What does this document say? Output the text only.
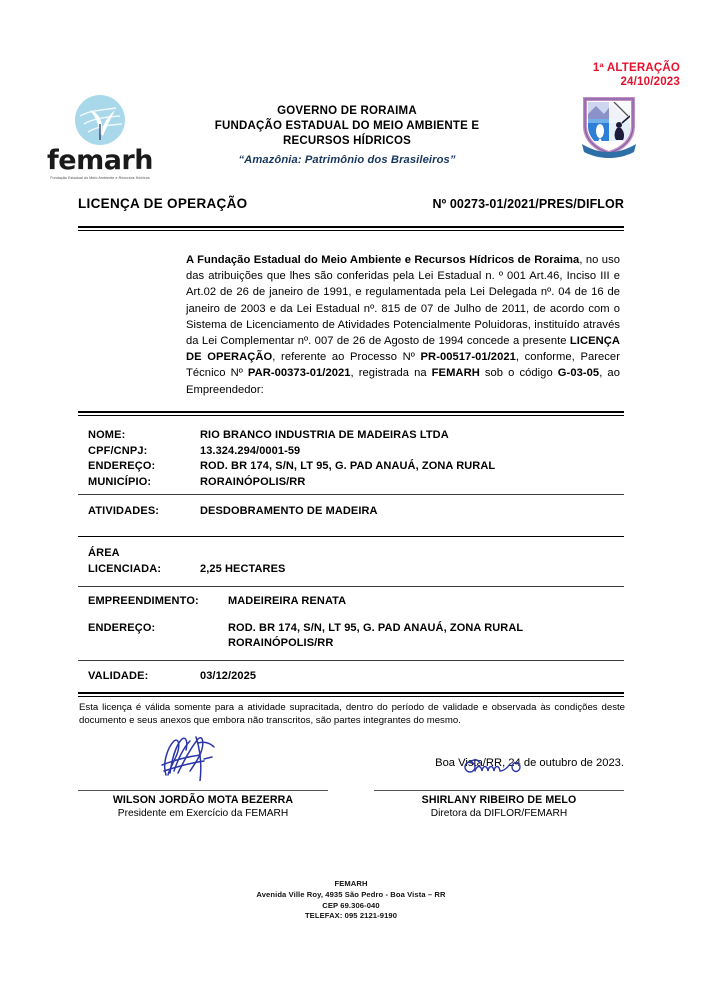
femarh
Fundação Estadual do Meio Ambiente e Recursos Hídricos
GOVERNO DE RORAIMA
FUNDAÇÃO ESTADUAL DO MEIO AMBIENTE E
RECURSOS HÍDRICOS
“Amazônia: Patrimônio dos Brasileiros”
1ª ALTERAÇÃO
24/10/2023
LICENÇA DE OPERAÇÃO	Nº 00273-01/2021/PRES/DIFLOR
A Fundação Estadual do Meio Ambiente e Recursos Hídricos de Roraima, no uso das atribuições que lhes são conferidas pela Lei Estadual n. º 001 Art.46, Inciso III e Art.02 de 26 de janeiro de 1991, e regulamentada pela Lei Delegada nº. 04 de 16 de janeiro de 2003 e da Lei Estadual nº. 815 de 07 de Julho de 2011, de acordo com o Sistema de Licenciamento de Atividades Potencialmente Poluidoras, instituído através da Lei Complementar nº. 007 de 26 de Agosto de 1994 concede a presente LICENÇA DE OPERAÇÃO, referente ao Processo Nº PR-00517-01/2021, conforme, Parecer Técnico Nº PAR-00373-01/2021, registrada na FEMARH sob o código G-03-05, ao Empreendedor:
NOME:	RIO BRANCO INDUSTRIA DE MADEIRAS LTDA
CPF/CNPJ:	13.324.294/0001-59
ENDEREÇO:	ROD. BR 174, S/N, LT 95, G. PAD ANAUÁ, ZONA RURAL
MUNICÍPIO:	RORAINÓPOLIS/RR
ATIVIDADES:	DESDOBRAMENTO DE MADEIRA
ÁREA
LICENCIADA:	2,25 HECTARES
EMPREENDIMENTO:	MADEIREIRA RENATA
ENDEREÇO:	ROD. BR 174, S/N, LT 95, G. PAD ANAUÁ, ZONA RURAL
RORAINÓPOLIS/RR
VALIDADE:	03/12/2025
Esta licença é válida somente para a atividade supracitada, dentro do período de validade e observada às condições deste documento e seus anexos que embora não transcritos, são partes integrantes do mesmo.
Boa Vista/RR, 24 de outubro de 2023.
WILSON JORDÃO MOTA BEZERRA
Presidente em Exercício da FEMARH
SHIRLANY RIBEIRO DE MELO
Diretora da DIFLOR/FEMARH
FEMARH
Avenida Ville Roy, 4935 São Pedro - Boa Vista – RR
CEP 69.306-040
TELEFAX: 095 2121-9190
